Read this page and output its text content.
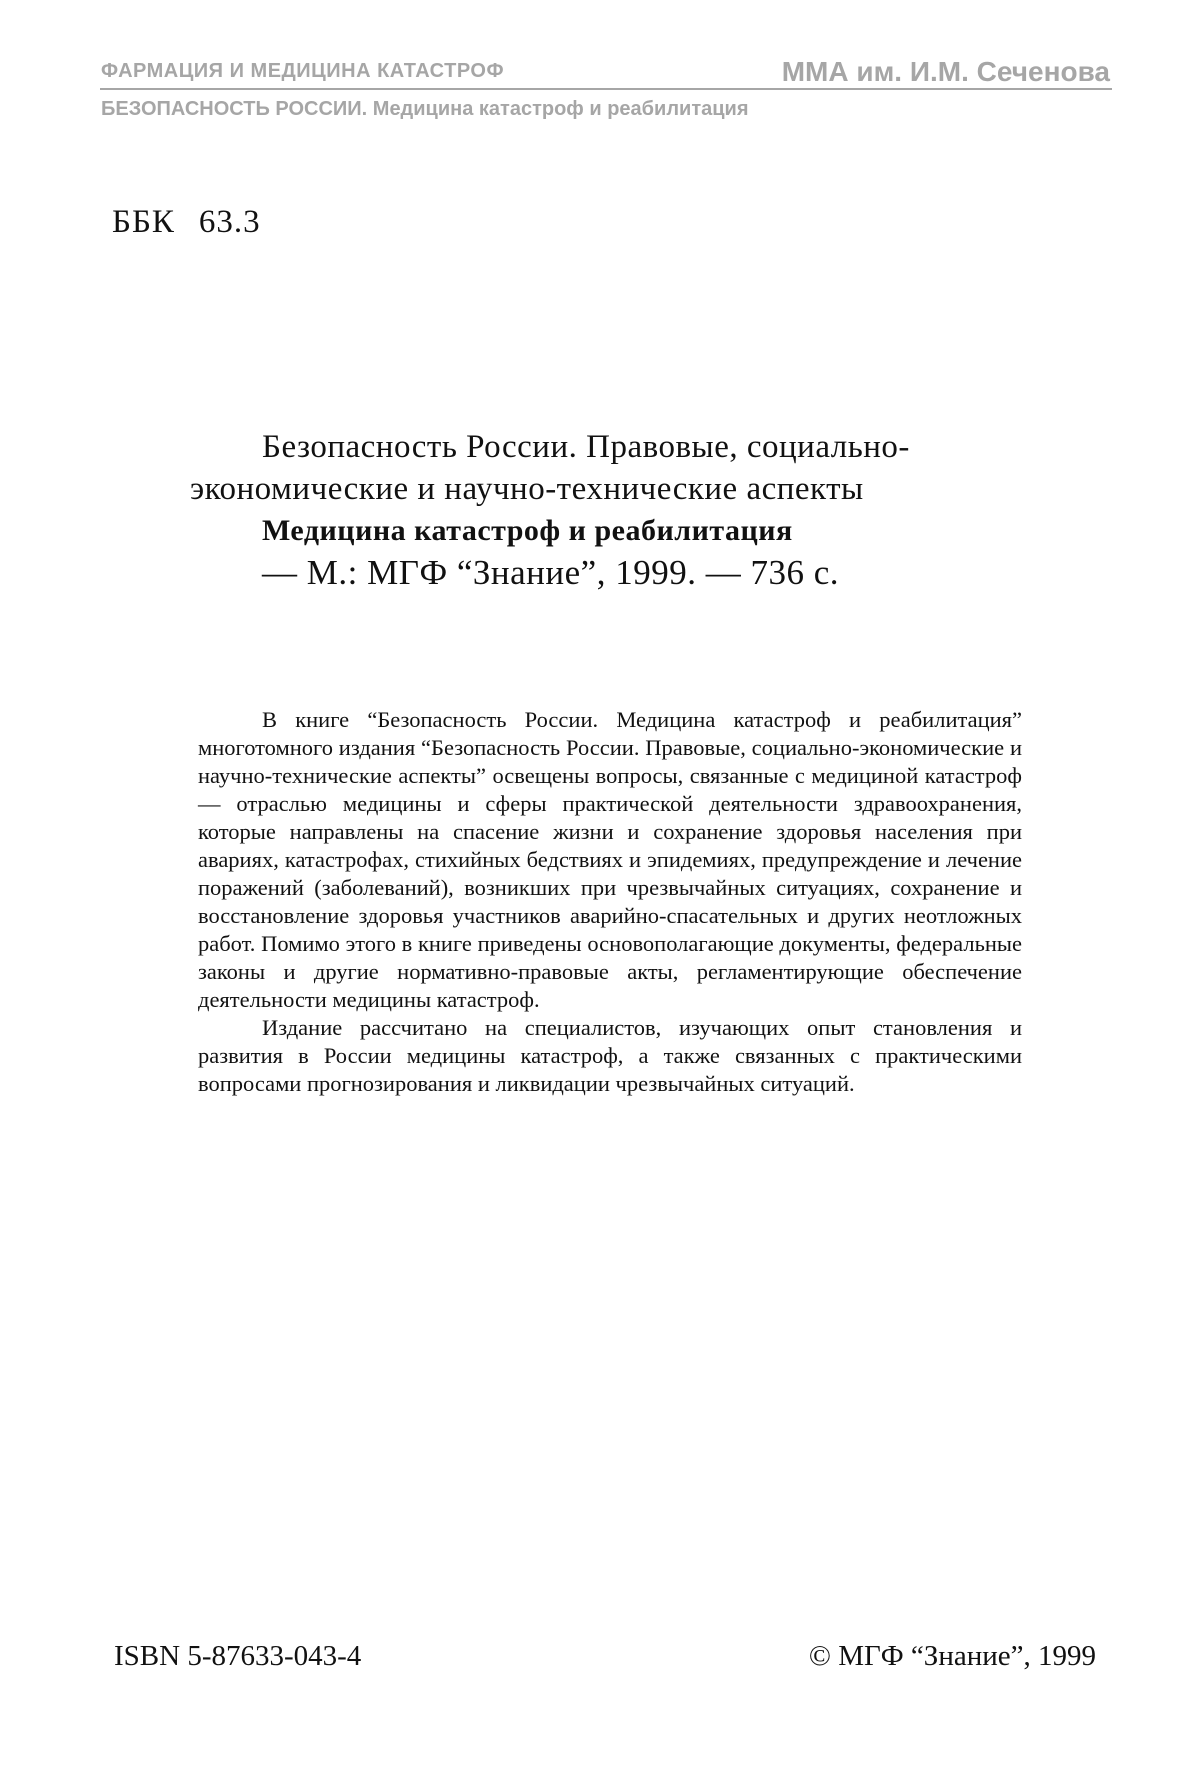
ФАРМАЦИЯ И МЕДИЦИНА КАТАСТРОФ	ММА им. И.М. Сеченова
БЕЗОПАСНОСТЬ РОССИИ. Медицина катастроф и реабилитация
ББК 63.3
Безопасность России. Правовые, социально-
экономические и научно-технические аспекты
Медицина катастроф и реабилитация
— М.: МГФ “Знание”, 1999. — 736 с.

В книге “Безопасность России. Медицина катастроф и реабилитация” многотомного издания “Безопасность России. Правовые, социально-экономические и научно-технические аспекты” освещены вопросы, связанные с медициной катастроф — отраслью медицины и сферы практической деятельности здравоохранения, которые направлены на спасение жизни и сохранение здоровья населения при авариях, катастрофах, стихийных бедствиях и эпидемиях, предупреждение и лечение поражений (заболеваний), возникших при чрезвычайных ситуациях, сохранение и восстановление здоровья участников аварийно-спасательных и других неотложных работ. Помимо этого в книге приведены основополагающие документы, федеральные законы и другие нормативно-правовые акты, регламентирующие обеспечение деятельности медицины катастроф.

Издание рассчитано на специалистов, изучающих опыт становления и развития в России медицины катастроф, а также связанных с практическими вопросами прогнозирования и ликвидации чрезвычайных ситуаций.

ISBN 5-87633-043-4	© МГФ “Знание”, 1999
